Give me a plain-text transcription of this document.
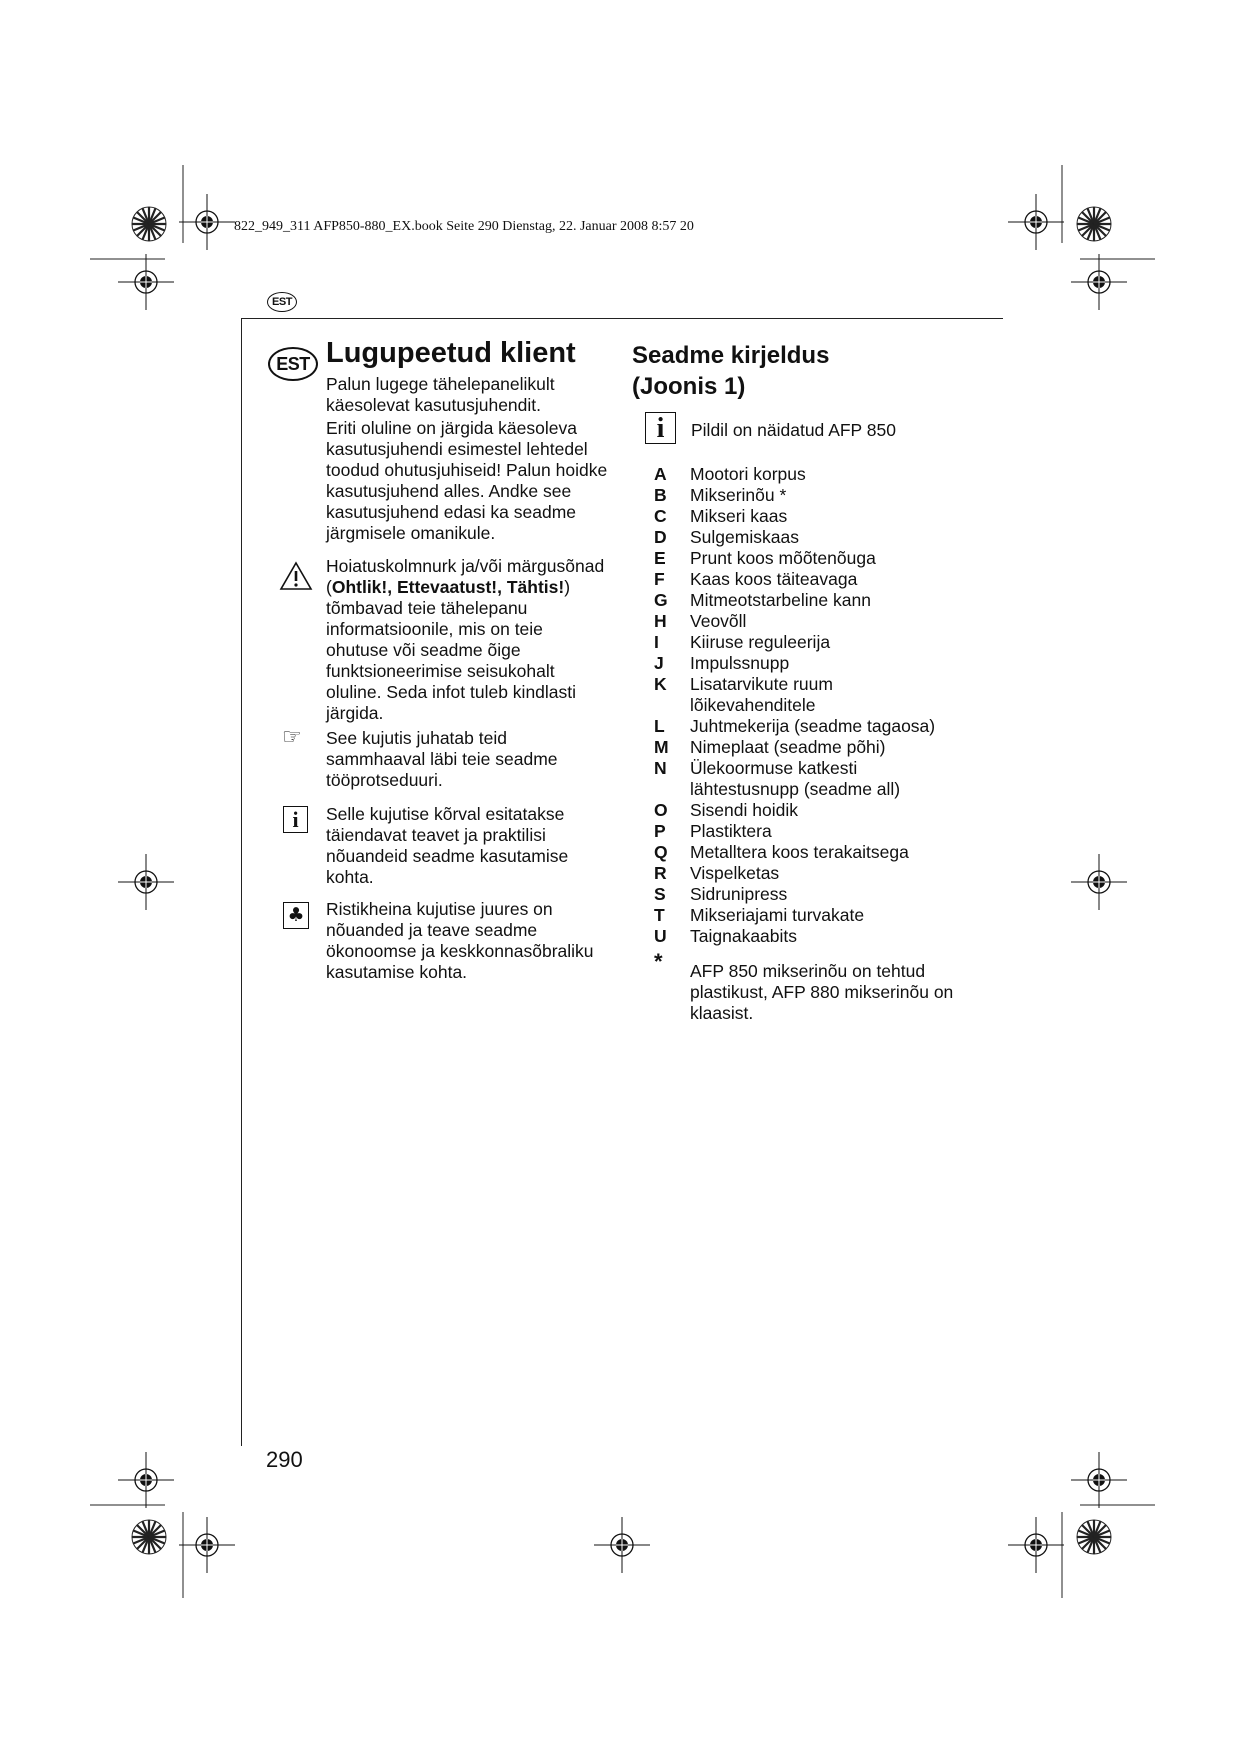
822_949_311 AFP850-880_EX.book Seite 290 Dienstag, 22. Januar 2008 8:57 20
EST
EST Lugupeetud klient
Palun lugege tähelepanelikult
käesolevat kasutusjuhendit.
Eriti oluline on järgida käesoleva
kasutusjuhendi esimestel lehtedel
toodud ohutusjuhiseid! Palun hoidke
kasutusjuhend alles. Andke see
kasutusjuhend edasi ka seadme
järgmisele omanikule.
Hoiatuskolmnurk ja/või märgusõnad
(Ohtlik!, Ettevaatust!, Tähtis!)
tõmbavad teie tähelepanu
informatsioonile, mis on teie
ohutuse või seadme õige
funktsioneerimise seisukohalt
oluline. Seda infot tuleb kindlasti
järgida.
☞ See kujutis juhatab teid
sammhaaval läbi teie seadme
tööprotseduuri.
i	Selle kujutise kõrval esitatakse
täiendavat teavet ja praktilisi
nõuandeid seadme kasutamise
kohta.
♣ Ristikheina kujutise juures on
nõuanded ja teave seadme
ökonoomse ja keskkonnasõbraliku
kasutamise kohta.
Seadme kirjeldus
(Joonis 1)
i	Pildil on näidatud AFP 850
A	Mootori korpus
B	Mikserinõu *
C	Mikseri kaas
D	Sulgemiskaas
E	Prunt koos mõõtenõuga
F	Kaas koos täiteavaga
G	Mitmeotstarbeline kann
H	Veovõll
I	Kiiruse reguleerija
J	Impulssnupp
K	Lisatarvikute ruum
lõikevahenditele
L	Juhtmekerija (seadme tagaosa)
M	Nimeplaat (seadme põhi)
N	Ülekoormuse katkesti
lähtestusnupp (seadme all)
O	Sisendi hoidik
P	Plastiktera
Q	Metalltera koos terakaitsega
R	Vispelketas
S	Sidrunipress
T	Mikseriajami turvakate
U	Taignakaabits
*	AFP 850 mikserinõu on tehtud
plastikust, AFP 880 mikserinõu on
klaasist.
290
